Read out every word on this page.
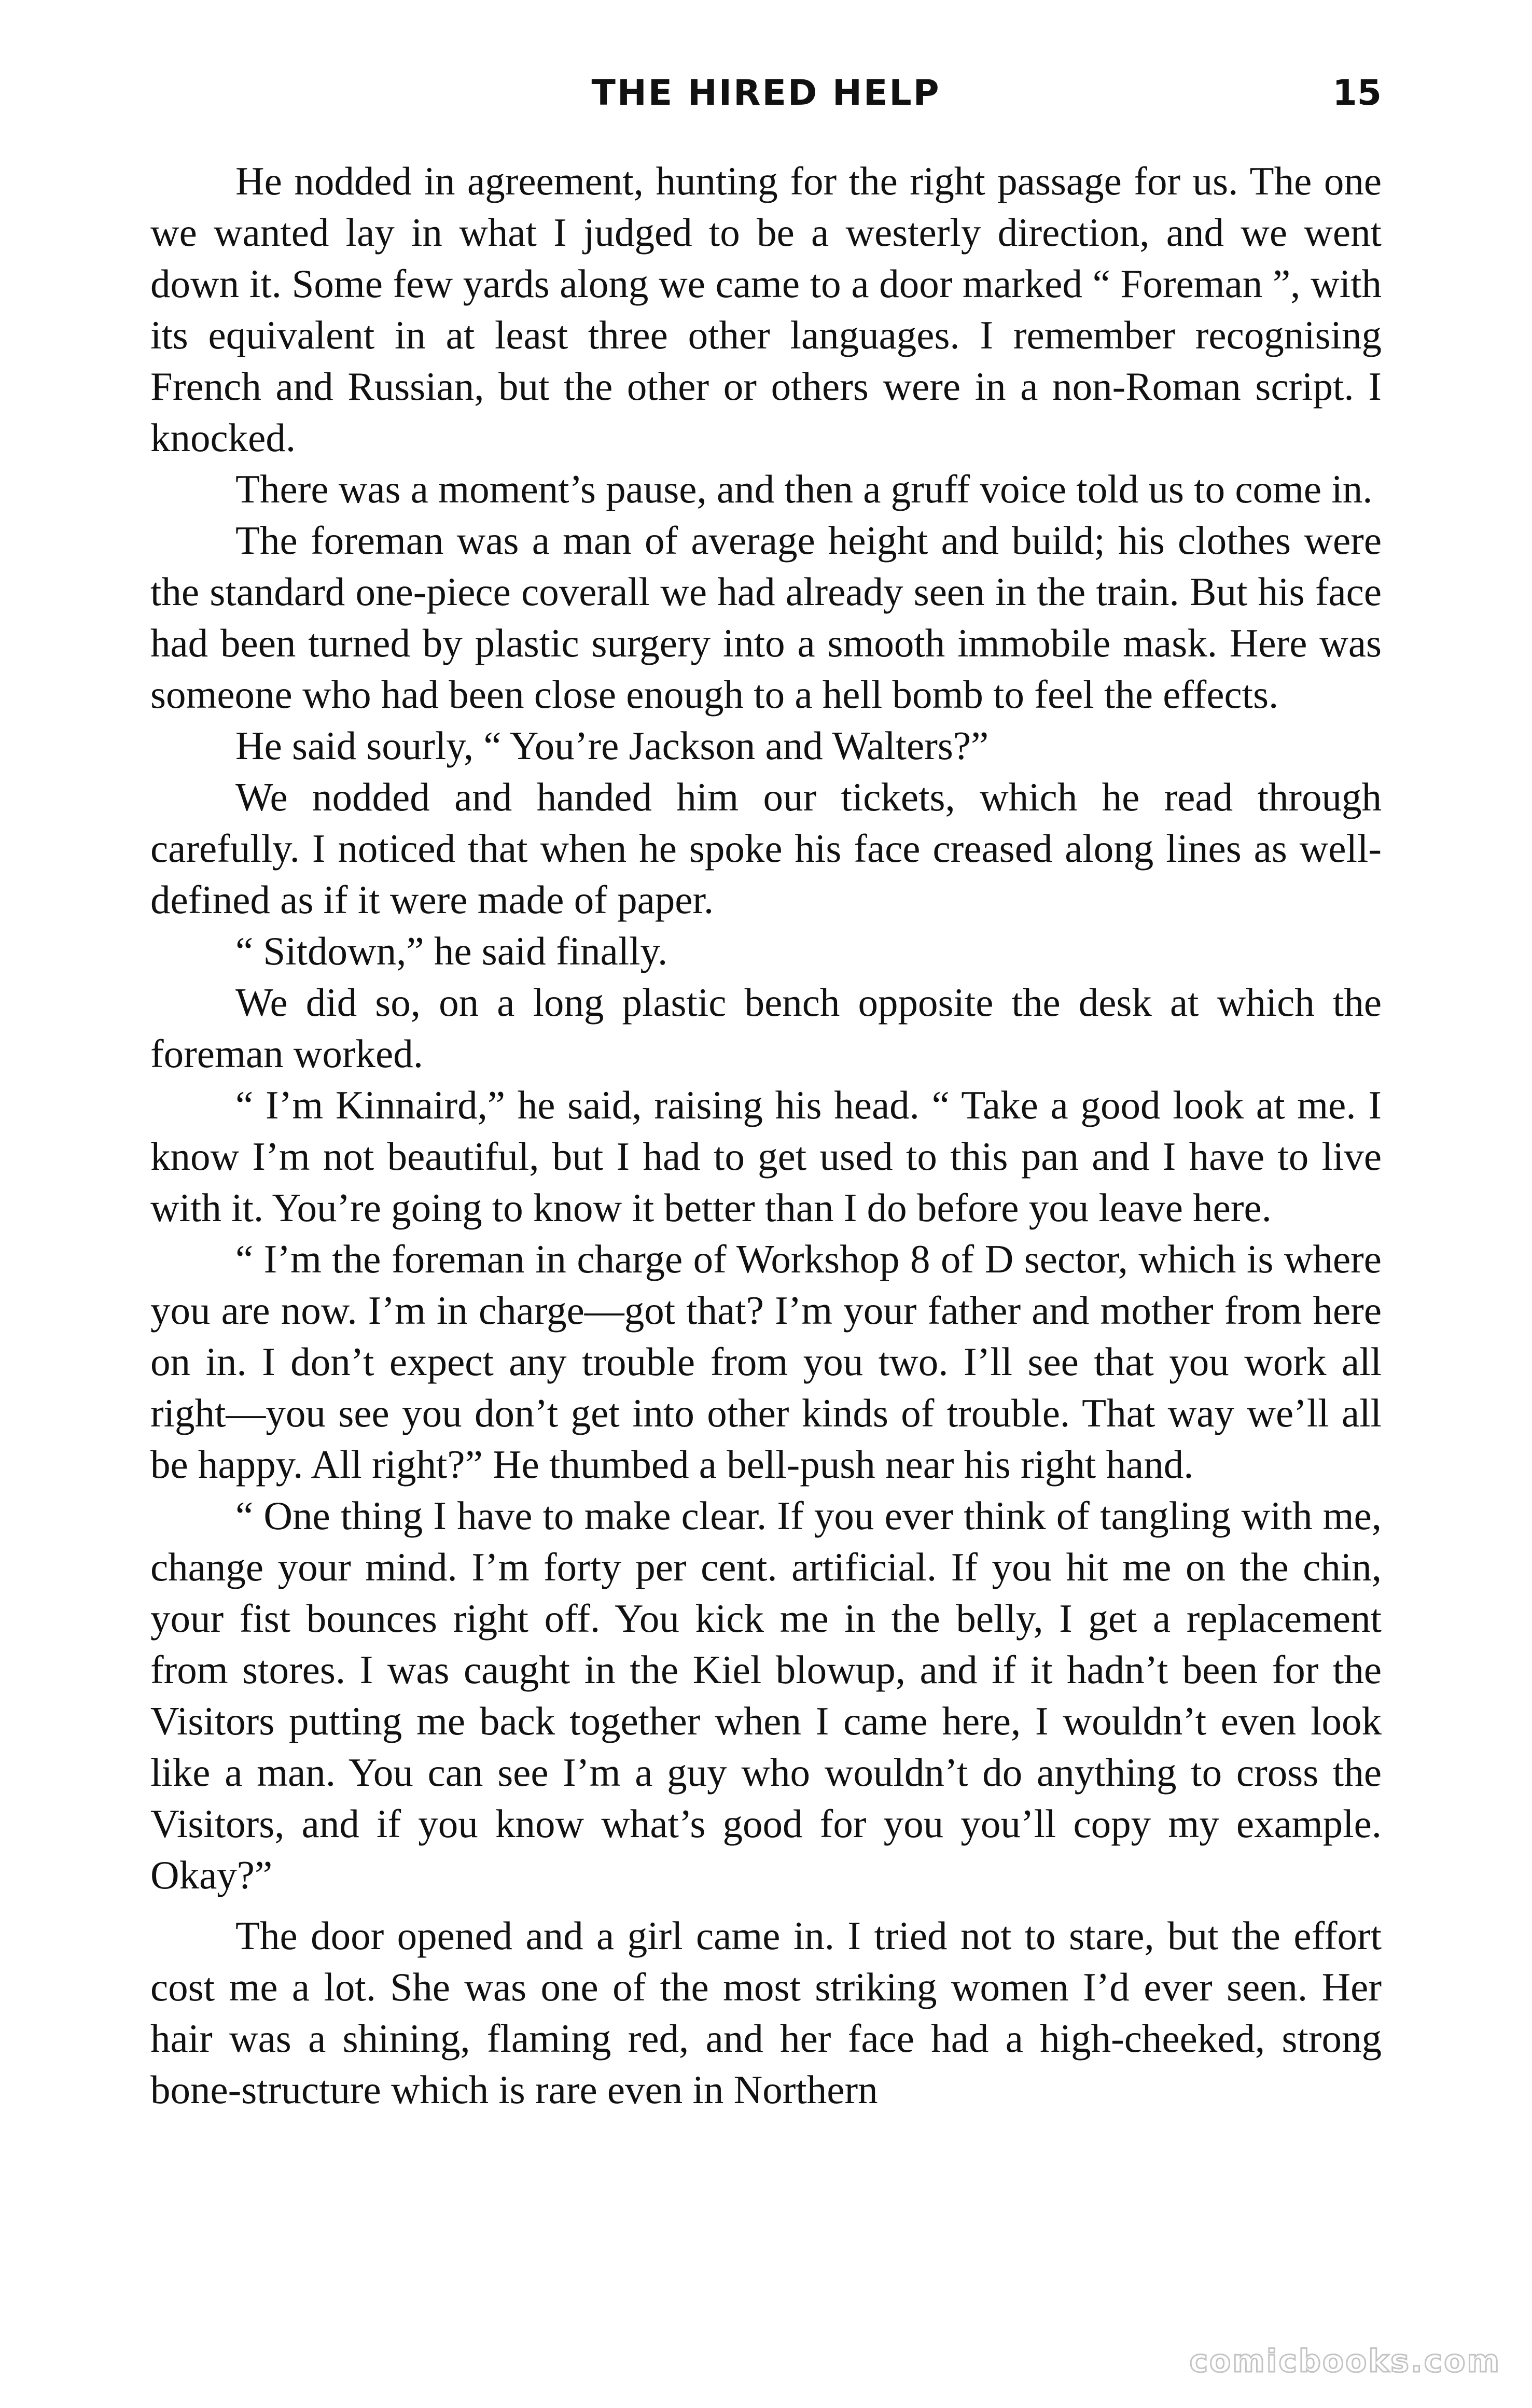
THE HIRED HELP	15

He nodded in agreement, hunting for the right passage for us. The one we wanted lay in what I judged to be a westerly direction, and we went down it. Some few yards along we came to a door marked “ Foreman ”, with its equivalent in at least three other languages. I remember recognising French and Russian, but the other or others were in a non-Roman script. I knocked.

There was a moment’s pause, and then a gruff voice told us to come in.

The foreman was a man of average height and build; his clothes were the standard one-piece coverall we had already seen in the train. But his face had been turned by plastic surgery into a smooth immobile mask. Here was someone who had been close enough to a hell bomb to feel the effects.

He said sourly, “ You’re Jackson and Walters?”

We nodded and handed him our tickets, which he read through carefully. I noticed that when he spoke his face creased along lines as well-defined as if it were made of paper.

“ Sitdown,” he said finally.

We did so, on a long plastic bench opposite the desk at which the foreman worked.

“ I’m Kinnaird,” he said, raising his head. “ Take a good look at me. I know I’m not beautiful, but I had to get used to this pan and I have to live with it. You’re going to know it better than I do before you leave here.

“ I’m the foreman in charge of Workshop 8 of D sector, which is where you are now. I’m in charge—got that? I’m your father and mother from here on in. I don’t expect any trouble from you two. I’ll see that you work all right—you see you don’t get into other kinds of trouble. That way we’ll all be happy. All right?” He thumbed a bell-push near his right hand.

“ One thing I have to make clear. If you ever think of tangling with me, change your mind. I’m forty per cent. artificial. If you hit me on the chin, your fist bounces right off. You kick me in the belly, I get a replacement from stores. I was caught in the Kiel blowup, and if it hadn’t been for the Visitors putting me back together when I came here, I wouldn’t even look like a man. You can see I’m a guy who wouldn’t do anything to cross the Visitors, and if you know what’s good for you you’ll copy my example. Okay?”

The door opened and a girl came in. I tried not to stare, but the effort cost me a lot. She was one of the most striking women I’d ever seen. Her hair was a shining, flaming red, and her face had a high-cheeked, strong bone-structure which is rare even in Northern

comicbooks.com
